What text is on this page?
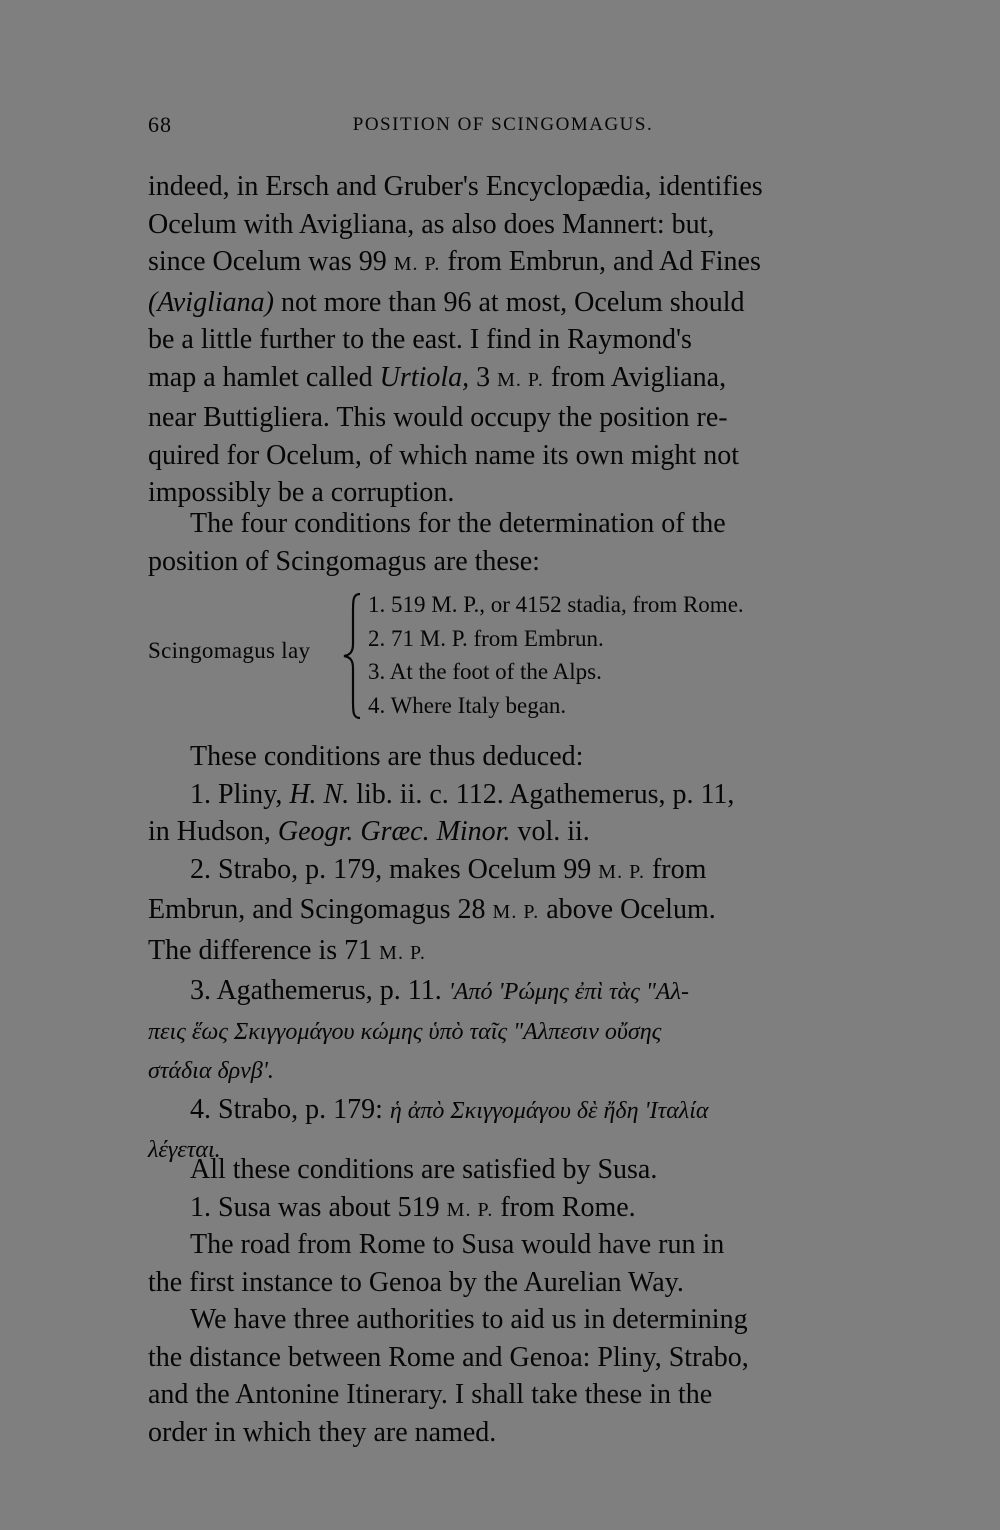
68	POSITION OF SCINGOMAGUS.
indeed, in Ersch and Gruber's Encyclopædia, identifies
Ocelum with Avigliana, as also does Mannert: but,
since Ocelum was 99 M. P. from Embrun, and Ad Fines
(Avigliana) not more than 96 at most, Ocelum should
be a little further to the east. I find in Raymond's
map a hamlet called Urtiola, 3 M. P. from Avigliana,
near Buttigliera. This would occupy the position re-
quired for Ocelum, of which name its own might not
impossibly be a corruption.
The four conditions for the determination of the
position of Scingomagus are these:
Scingomagus lay
1. 519 M. P., or 4152 stadia, from Rome.
2. 71 M. P. from Embrun.
3. At the foot of the Alps.
4. Where Italy began.
These conditions are thus deduced:
1. Pliny, H. N. lib. ii. c. 112. Agathemerus, p. 11,
in Hudson, Geogr. Græc. Minor. vol. ii.
2. Strabo, p. 179, makes Ocelum 99 M. P. from
Embrun, and Scingomagus 28 M. P. above Ocelum.
The difference is 71 M. P.
3. Agathemerus, p. 11. 'Από 'Ρώμης ἐπὶ τὰς "Αλ-
πεις ἕως Σκιγγομάγου κώμης ὑπὸ ταῖς "Αλπεσιν οὔσης
στάδια δρνβ'.
4. Strabo, p. 179: ἡ ἀπὸ Σκιγγομάγου δὲ ἤδη 'Ιταλία
λέγεται.
All these conditions are satisfied by Susa.
1. Susa was about 519 M. P. from Rome.
The road from Rome to Susa would have run in
the first instance to Genoa by the Aurelian Way.
We have three authorities to aid us in determining
the distance between Rome and Genoa: Pliny, Strabo,
and the Antonine Itinerary. I shall take these in the
order in which they are named.
